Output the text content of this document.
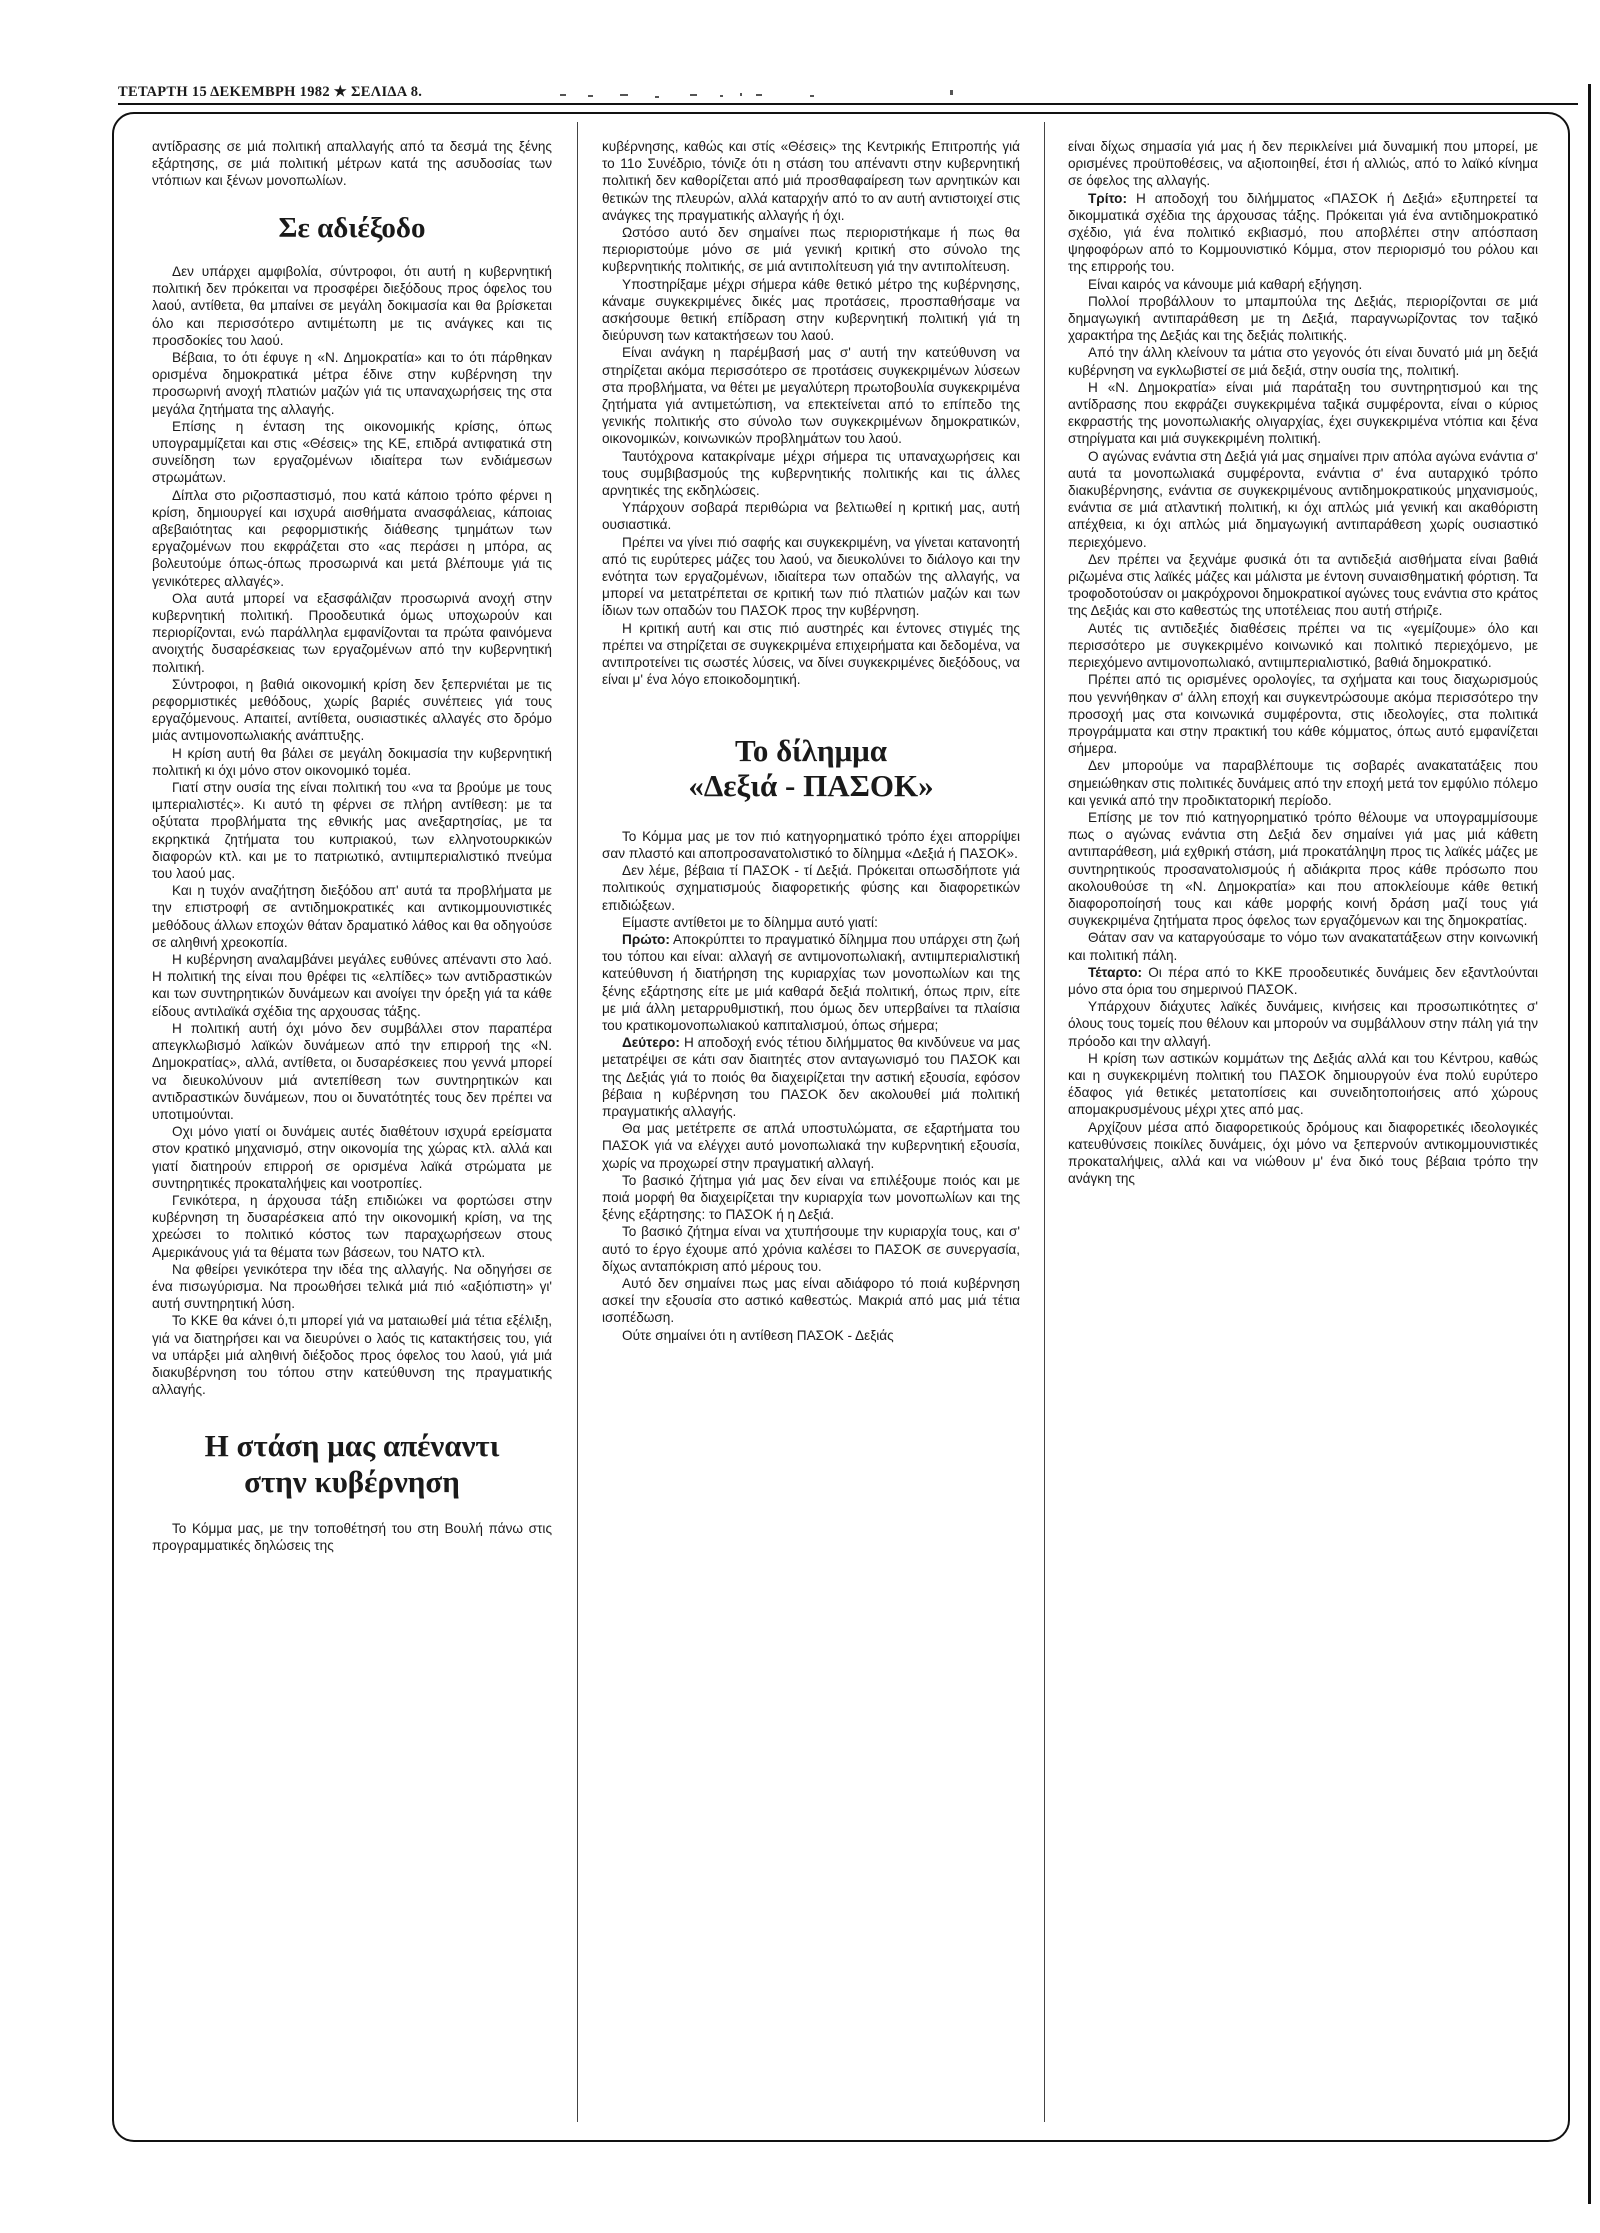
ΤΕΤΑΡΤΗ 15 ΔΕΚΕΜΒΡΗ 1982 ★ ΣΕΛΙΔΑ 8.

αντίδρασης σε μιά πολιτική απαλλαγής από τα δεσμά της ξένης εξάρτησης, σε μιά πολιτική μέτρων κατά της ασυδοσίας των ντόπιων και ξένων μονοπωλίων.

Σε αδιέξοδο

Δεν υπάρχει αμφιβολία, σύντροφοι, ότι αυτή η κυβερνητική πολιτική δεν πρόκειται να προσφέρει διεξόδους προς όφελος του λαού, αντίθετα, θα μπαίνει σε μεγάλη δοκιμασία και θα βρίσκεται όλο και περισσότερο αντιμέτωπη με τις ανάγκες και τις προσδοκίες του λαού.

Βέβαια, το ότι έφυγε η «Ν. Δημοκρατία» και το ότι πάρθηκαν ορισμένα δημοκρατικά μέτρα έδινε στην κυβέρνηση την προσωρινή ανοχή πλατιών μαζών γιά τις υπαναχωρήσεις της στα μεγάλα ζητήματα της αλλαγής.

Επίσης η ένταση της οικονομικής κρίσης, όπως υπογραμμίζεται και στις «Θέσεις» της ΚΕ, επιδρά αντιφατικά στη συνείδηση των εργαζομένων ιδιαίτερα των ενδιάμεσων στρωμάτων.

Δίπλα στο ριζοσπαστισμό, που κατά κάποιο τρόπο φέρνει η κρίση, δημιουργεί και ισχυρά αισθήματα ανασφάλειας, κάποιας αβεβαιότητας και ρεφορμιστικής διάθεσης τμημάτων των εργαζομένων που εκφράζεται στο «ας περάσει η μπόρα, ας βολευτούμε όπως-όπως προσωρινά και μετά βλέπουμε γιά τις γενικότερες αλλαγές».

Ολα αυτά μπορεί να εξασφάλιζαν προσωρινά ανοχή στην κυβερνητική πολιτική. Προοδευτικά όμως υποχωρούν και περιορίζονται, ενώ παράλληλα εμφανίζονται τα πρώτα φαινόμενα ανοιχτής δυσαρέσκειας των εργαζομένων από την κυβερνητική πολιτική.

Σύντροφοι, η βαθιά οικονομική κρίση δεν ξεπερνιέται με τις ρεφορμιστικές μεθόδους, χωρίς βαριές συνέπειες γιά τους εργαζόμενους. Απαιτεί, αντίθετα, ουσιαστικές αλλαγές στο δρόμο μιάς αντιμονοπωλιακής ανάπτυξης.

Η κρίση αυτή θα βάλει σε μεγάλη δοκιμασία την κυβερνητική πολιτική κι όχι μόνο στον οικονομικό τομέα.

Γιατί στην ουσία της είναι πολιτική του «να τα βρούμε με τους ιμπεριαλιστές». Κι αυτό τη φέρνει σε πλήρη αντίθεση: με τα οξύτατα προβλήματα της εθνικής μας ανεξαρτησίας, με τα εκρηκτικά ζητήματα του κυπριακού, των ελληνοτουρκικών διαφορών κτλ. και με το πατριωτικό, αντιιμπεριαλιστικό πνεύμα του λαού μας.

Και η τυχόν αναζήτηση διεξόδου απ' αυτά τα προβλήματα με την επιστροφή σε αντιδημοκρατικές και αντικομμουνιστικές μεθόδους άλλων εποχών θάταν δραματικό λάθος και θα οδηγούσε σε αληθινή χρεοκοπία.

Η κυβέρνηση αναλαμβάνει μεγάλες ευθύνες απέναντι στο λαό. Η πολιτική της είναι που θρέφει τις «ελπίδες» των αντιδραστικών και των συντηρητικών δυνάμεων και ανοίγει την όρεξη γιά τα κάθε είδους αντιλαϊκά σχέδια της αρχουσας τάξης.

Η πολιτική αυτή όχι μόνο δεν συμβάλλει στον παραπέρα απεγκλωβισμό λαϊκών δυνάμεων από την επιρροή της «Ν. Δημοκρατίας», αλλά, αντίθετα, οι δυσαρέσκειες που γεννά μπορεί να διευκολύνουν μιά αντεπίθεση των συντηρητικών και αντιδραστικών δυνάμεων, που οι δυνατότητές τους δεν πρέπει να υποτιμούνται.

Οχι μόνο γιατί οι δυνάμεις αυτές διαθέτουν ισχυρά ερείσματα στον κρατικό μηχανισμό, στην οικονομία της χώρας κτλ. αλλά και γιατί διατηρούν επιρροή σε ορισμένα λαϊκά στρώματα με συντηρητικές προκαταλήψεις και νοοτροπίες.

Γενικότερα, η άρχουσα τάξη επιδιώκει να φορτώσει στην κυβέρνηση τη δυσαρέσκεια από την οικονομική κρίση, να της χρεώσει το πολιτικό κόστος των παραχωρήσεων στους Αμερικάνους γιά τα θέματα των βάσεων, του ΝΑΤΟ κτλ.

Να φθείρει γενικότερα την ιδέα της αλλαγής. Να οδηγήσει σε ένα πισωγύρισμα. Να προωθήσει τελικά μιά πιό «αξιόπιστη» γι' αυτή συντηρητική λύση.

Το ΚΚΕ θα κάνει ό,τι μπορεί γιά να ματαιωθεί μιά τέτια εξέλιξη, γιά να διατηρήσει και να διευρύνει ο λαός τις κατακτήσεις του, γιά να υπάρξει μιά αληθινή διέξοδος προς όφελος του λαού, γιά μιά διακυβέρνηση του τόπου στην κατεύθυνση της πραγματικής αλλαγής.

Η στάση μας απέναντι
στην κυβέρνηση

Το Κόμμα μας, με την τοποθέτησή του στη Βουλή πάνω στις προγραμματικές δηλώσεις της

κυβέρνησης, καθώς και στίς «Θέσεις» της Κεντρικής Επιτροπής γιά το 11ο Συνέδριο, τόνιζε ότι η στάση του απέναντι στην κυβερνητική πολιτική δεν καθορίζεται από μιά προσθαφαίρεση των αρνητικών και θετικών της πλευρών, αλλά καταρχήν από το αν αυτή αντιστοιχεί στις ανάγκες της πραγματικής αλλαγής ή όχι.

Ωστόσο αυτό δεν σημαίνει πως περιοριστήκαμε ή πως θα περιοριστούμε μόνο σε μιά γενική κριτική στο σύνολο της κυβερνητικής πολιτικής, σε μιά αντιπολίτευση γιά την αντιπολίτευση.

Υποστηρίξαμε μέχρι σήμερα κάθε θετικό μέτρο της κυβέρνησης, κάναμε συγκεκριμένες δικές μας προτάσεις, προσπαθήσαμε να ασκήσουμε θετική επίδραση στην κυβερνητική πολιτική γιά τη διεύρυνση των κατακτήσεων του λαού.

Είναι ανάγκη η παρέμβασή μας σ' αυτή την κατεύθυνση να στηρίζεται ακόμα περισσότερο σε προτάσεις συγκεκριμένων λύσεων στα προβλήματα, να θέτει με μεγαλύτερη πρωτοβουλία συγκεκριμένα ζητήματα γιά αντιμετώπιση, να επεκτείνεται από το επίπεδο της γενικής πολιτικής στο σύνολο των συγκεκριμένων δημοκρατικών, οικονομικών, κοινωνικών προβλημάτων του λαού.

Ταυτόχρονα κατακρίναμε μέχρι σήμερα τις υπαναχωρήσεις και τους συμβιβασμούς της κυβερνητικής πολιτικής και τις άλλες αρνητικές της εκδηλώσεις.

Υπάρχουν σοβαρά περιθώρια να βελτιωθεί η κριτική μας, αυτή ουσιαστικά.

Πρέπει να γίνει πιό σαφής και συγκεκριμένη, να γίνεται κατανοητή από τις ευρύτερες μάζες του λαού, να διευκολύνει το διάλογο και την ενότητα των εργαζομένων, ιδιαίτερα των οπαδών της αλλαγής, να μπορεί να μετατρέπεται σε κριτική των πιό πλατιών μαζών και των ίδιων των οπαδών του ΠΑΣΟΚ προς την κυβέρνηση.

Η κριτική αυτή και στις πιό αυστηρές και έντονες στιγμές της πρέπει να στηρίζεται σε συγκεκριμένα επιχειρήματα και δεδομένα, να αντιπροτείνει τις σωστές λύσεις, να δίνει συγκεκριμένες διεξόδους, να είναι μ' ένα λόγο εποικοδομητική.

Το δίλημμα
«Δεξιά - ΠΑΣΟΚ»

Το Κόμμα μας με τον πιό κατηγορηματικό τρόπο έχει απορρίψει σαν πλαστό και αποπροσανατολιστικό το δίλημμα «Δεξιά ή ΠΑΣΟΚ».

Δεν λέμε, βέβαια τί ΠΑΣΟΚ - τί Δεξιά. Πρόκειται οπωσδήποτε γιά πολιτικούς σχηματισμούς διαφορετικής φύσης και διαφορετικών επιδιώξεων.

Είμαστε αντίθετοι με το δίλημμα αυτό γιατί:

Πρώτο: Αποκρύπτει το πραγματικό δίλημμα που υπάρχει στη ζωή του τόπου και είναι: αλλαγή σε αντιμονοπωλιακή, αντιιμπεριαλιστική κατεύθυνση ή διατήρηση της κυριαρχίας των μονοπωλίων και της ξένης εξάρτησης είτε με μιά καθαρά δεξιά πολιτική, όπως πριν, είτε με μιά άλλη μεταρρυθμιστική, που όμως δεν υπερβαίνει τα πλαίσια του κρατικομονοπωλιακού καπιταλισμού, όπως σήμερα;

Δεύτερο: Η αποδοχή ενός τέτιου διλήμματος θα κινδύνευε να μας μετατρέψει σε κάτι σαν διαιτητές στον ανταγωνισμό του ΠΑΣΟΚ και της Δεξιάς γιά το ποιός θα διαχειρίζεται την αστική εξουσία, εφόσον βέβαια η κυβέρνηση του ΠΑΣΟΚ δεν ακολουθεί μιά πολιτική πραγματικής αλλαγής.

Θα μας μετέτρεπε σε απλά υποστυλώματα, σε εξαρτήματα του ΠΑΣΟΚ γιά να ελέγχει αυτό μονοπωλιακά την κυβερνητική εξουσία, χωρίς να προχωρεί στην πραγματική αλλαγή.

Το βασικό ζήτημα γιά μας δεν είναι να επιλέξουμε ποιός και με ποιά μορφή θα διαχειρίζεται την κυριαρχία των μονοπωλίων και της ξένης εξάρτησης: το ΠΑΣΟΚ ή η Δεξιά.

Το βασικό ζήτημα είναι να χτυπήσουμε την κυριαρχία τους, και σ' αυτό το έργο έχουμε από χρόνια καλέσει το ΠΑΣΟΚ σε συνεργασία, δίχως ανταπόκριση από μέρους του.

Αυτό δεν σημαίνει πως μας είναι αδιάφορο τό ποιά κυβέρνηση ασκεί την εξουσία στο αστικό καθεστώς. Μακριά από μας μιά τέτια ισοπέδωση.

Ούτε σημαίνει ότι η αντίθεση ΠΑΣΟΚ - Δεξιάς

είναι δίχως σημασία γιά μας ή δεν περικλείνει μιά δυναμική που μπορεί, με ορισμένες προϋποθέσεις, να αξιοποιηθεί, έτσι ή αλλιώς, από το λαϊκό κίνημα σε όφελος της αλλαγής.

Τρίτο: Η αποδοχή του διλήμματος «ΠΑΣΟΚ ή Δεξιά» εξυπηρετεί τα δικομματικά σχέδια της άρχουσας τάξης. Πρόκειται γιά ένα αντιδημοκρατικό σχέδιο, γιά ένα πολιτικό εκβιασμό, που αποβλέπει στην απόσπαση ψηφοφόρων από το Κομμουνιστικό Κόμμα, στον περιορισμό του ρόλου και της επιρροής του.

Είναι καιρός να κάνουμε μιά καθαρή εξήγηση.

Πολλοί προβάλλουν το μπαμπούλα της Δεξιάς, περιορίζονται σε μιά δημαγωγική αντιπαράθεση με τη Δεξιά, παραγνωρίζοντας τον ταξικό χαρακτήρα της Δεξιάς και της δεξιάς πολιτικής.

Από την άλλη κλείνουν τα μάτια στο γεγονός ότι είναι δυνατό μιά μη δεξιά κυβέρνηση να εγκλωβιστεί σε μιά δεξιά, στην ουσία της, πολιτική.

Η «Ν. Δημοκρατία» είναι μιά παράταξη του συντηρητισμού και της αντίδρασης που εκφράζει συγκεκριμένα ταξικά συμφέροντα, είναι ο κύριος εκφραστής της μονοπωλιακής ολιγαρχίας, έχει συγκεκριμένα ντόπια και ξένα στηρίγματα και μιά συγκεκριμένη πολιτική.

Ο αγώνας ενάντια στη Δεξιά γιά μας σημαίνει πριν απόλα αγώνα ενάντια σ' αυτά τα μονοπωλιακά συμφέροντα, ενάντια σ' ένα αυταρχικό τρόπο διακυβέρνησης, ενάντια σε συγκεκριμένους αντιδημοκρατικούς μηχανισμούς, ενάντια σε μιά ατλαντική πολιτική, κι όχι απλώς μιά γενική και ακαθόριστη απέχθεια, κι όχι απλώς μιά δημαγωγική αντιπαράθεση χωρίς ουσιαστικό περιεχόμενο.

Δεν πρέπει να ξεχνάμε φυσικά ότι τα αντιδεξιά αισθήματα είναι βαθιά ριζωμένα στις λαϊκές μάζες και μάλιστα με έντονη συναισθηματική φόρτιση. Τα τροφοδοτούσαν οι μακρόχρονοι δημοκρατικοί αγώνες τους ενάντια στο κράτος της Δεξιάς και στο καθεστώς της υποτέλειας που αυτή στήριζε.

Αυτές τις αντιδεξιές διαθέσεις πρέπει να τις «γεμίζουμε» όλο και περισσότερο με συγκεκριμένο κοινωνικό και πολιτικό περιεχόμενο, με περιεχόμενο αντιμονοπωλιακό, αντιιμπεριαλιστικό, βαθιά δημοκρατικό.

Πρέπει από τις ορισμένες ορολογίες, τα σχήματα και τους διαχωρισμούς που γεννήθηκαν σ' άλλη εποχή και συγκεντρώσουμε ακόμα περισσότερο την προσοχή μας στα κοινωνικά συμφέροντα, στις ιδεολογίες, στα πολιτικά προγράμματα και στην πρακτική του κάθε κόμματος, όπως αυτό εμφανίζεται σήμερα.

Δεν μπορούμε να παραβλέπουμε τις σοβαρές ανακατατάξεις που σημειώθηκαν στις πολιτικές δυνάμεις από την εποχή μετά τον εμφύλιο πόλεμο και γενικά από την προδικτατορική περίοδο.

Επίσης με τον πιό κατηγορηματικό τρόπο θέλουμε να υπογραμμίσουμε πως ο αγώνας ενάντια στη Δεξιά δεν σημαίνει γιά μας μιά κάθετη αντιπαράθεση, μιά εχθρική στάση, μιά προκατάληψη προς τις λαϊκές μάζες με συντηρητικούς προσανατολισμούς ή αδιάκριτα προς κάθε πρόσωπο που ακολουθούσε τη «Ν. Δημοκρατία» και που αποκλείουμε κάθε θετική διαφοροποίησή τους και κάθε μορφής κοινή δράση μαζί τους γιά συγκεκριμένα ζητήματα προς όφελος των εργαζόμενων και της δημοκρατίας.

Θάταν σαν να καταργούσαμε το νόμο των ανακατατάξεων στην κοινωνική και πολιτική πάλη.

Τέταρτο: Οι πέρα από το ΚΚΕ προοδευτικές δυνάμεις δεν εξαντλούνται μόνο στα όρια του σημερινού ΠΑΣΟΚ.

Υπάρχουν διάχυτες λαϊκές δυνάμεις, κινήσεις και προσωπικότητες σ' όλους τους τομείς που θέλουν και μπορούν να συμβάλλουν στην πάλη γιά την πρόοδο και την αλλαγή.

Η κρίση των αστικών κομμάτων της Δεξιάς αλλά και του Κέντρου, καθώς και η συγκεκριμένη πολιτική του ΠΑΣΟΚ δημιουργούν ένα πολύ ευρύτερο έδαφος γιά θετικές μετατοπίσεις και συνειδητοποιήσεις από χώρους απομακρυσμένους μέχρι χτες από μας.

Αρχίζουν μέσα από διαφορετικούς δρόμους και διαφορετικές ιδεολογικές κατευθύνσεις ποικίλες δυνάμεις, όχι μόνο να ξεπερνούν αντικομμουνιστικές προκαταλήψεις, αλλά και να νιώθουν μ' ένα δικό τους βέβαια τρόπο την ανάγκη της
